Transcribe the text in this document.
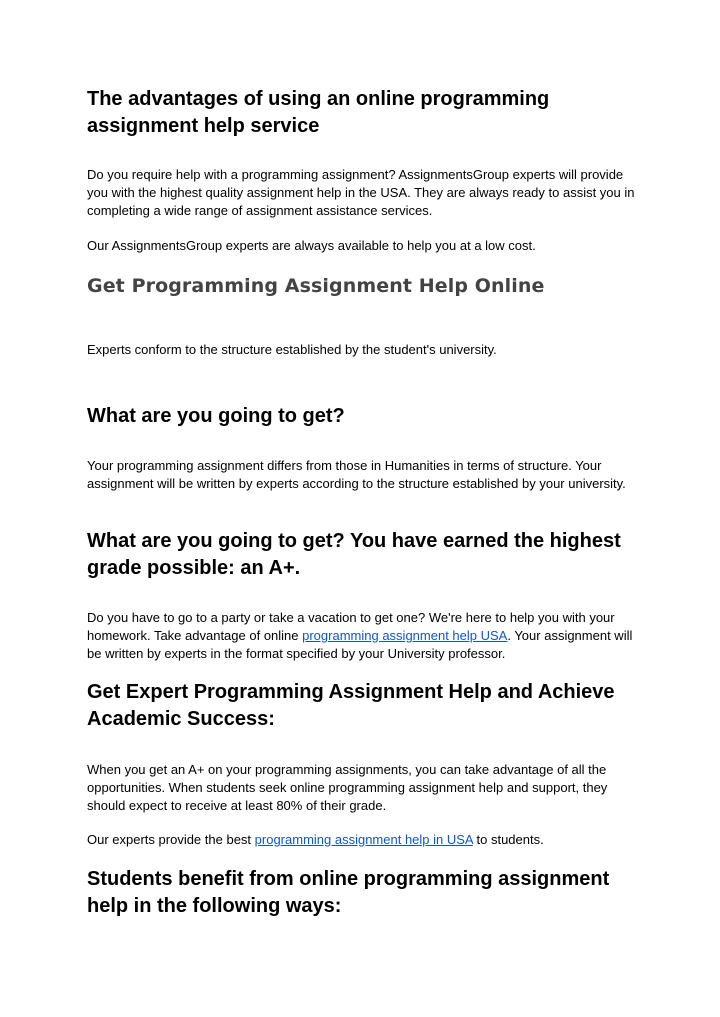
The advantages of using an online programming assignment help service

Do you require help with a programming assignment? AssignmentsGroup experts will provide you with the highest quality assignment help in the USA. They are always ready to assist you in completing a wide range of assignment assistance services.

Our AssignmentsGroup experts are always available to help you at a low cost.

Get Programming Assignment Help Online

Experts conform to the structure established by the student's university.

What are you going to get?

Your programming assignment differs from those in Humanities in terms of structure. Your assignment will be written by experts according to the structure established by your university.

What are you going to get? You have earned the highest grade possible: an A+.

Do you have to go to a party or take a vacation to get one? We're here to help you with your homework. Take advantage of online programming assignment help USA. Your assignment will be written by experts in the format specified by your University professor.

Get Expert Programming Assignment Help and Achieve Academic Success:

When you get an A+ on your programming assignments, you can take advantage of all the opportunities. When students seek online programming assignment help and support, they should expect to receive at least 80% of their grade.

Our experts provide the best programming assignment help in USA to students.

Students benefit from online programming assignment help in the following ways:
